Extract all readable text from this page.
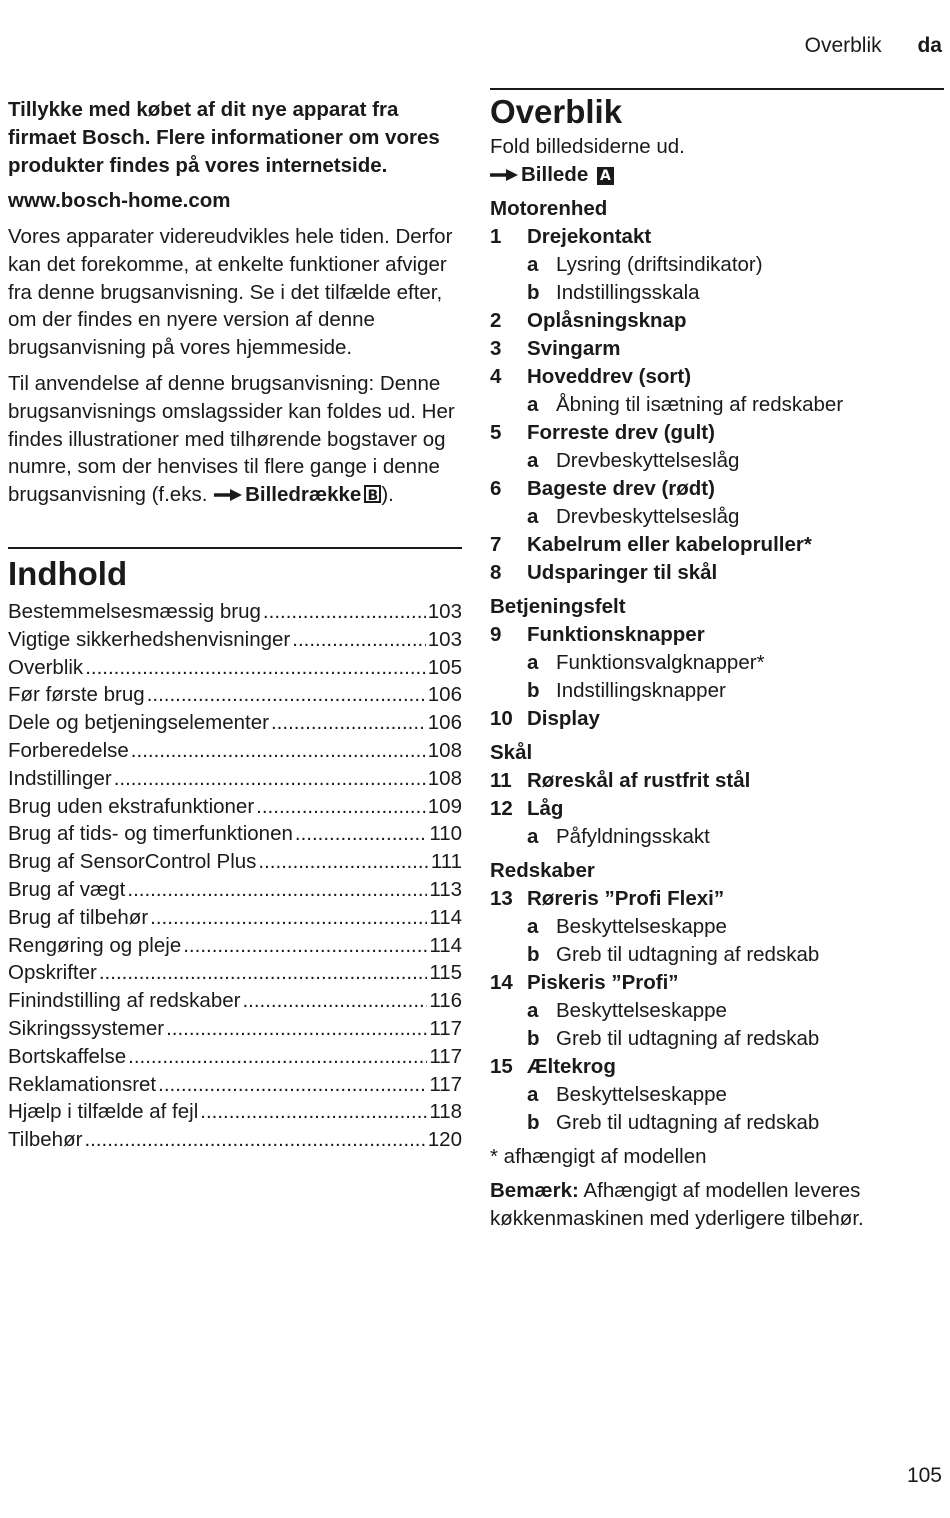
Overblik da

Tillykke med købet af dit nye apparat fra firmaet Bosch. Flere informationer om vores produkter findes på vores internetside.

www.bosch-home.com

Vores apparater videreudvikles hele tiden. Derfor kan det forekomme, at enkelte funktioner afviger fra denne brugsanvisning. Se i det tilfælde efter, om der findes en nyere version af denne brugsanvisning på vores hjemmeside.

Til anvendelse af denne brugsanvisning: Denne brugsanvisnings omslagssider kan foldes ud. Her findes illustrationer med tilhørende bogstaver og numre, som der henvises til flere gange i denne brugsanvisning (f.eks. Billedrække B ).

Indhold
Bestemmelsesmæssig brug .....	103
Vigtige sikkerhedshenvisninger .....	103
Overblik .....	105
Før første brug .....	106
Dele og betjeningselementer .....	106
Forberedelse .....	108
Indstillinger .....	108
Brug uden ekstrafunktioner .....	109
Brug af tids- og timerfunktionen .....	110
Brug af SensorControl Plus .....	111
Brug af vægt .....	113
Brug af tilbehør .....	114
Rengøring og pleje .....	114
Opskrifter .....	115
Finindstilling af redskaber .....	116
Sikringssystemer .....	117
Bortskaffelse .....	117
Reklamationsret .....	117
Hjælp i tilfælde af fejl .....	118
Tilbehør .....	120
Overblik

Fold billedsiderne ud.

Billede A
Motorenhed
1	Drejekontakt
a Lysring (driftsindikator)
b Indstillingsskala
2	Oplåsningsknap
3	Svingarm
4	Hoveddrev (sort)
a Åbning til isætning af redskaber
5	Forreste drev (gult)
a Drevbeskyttelseslåg
6	Bageste drev (rødt)
a Drevbeskyttelseslåg
7	Kabelrum eller kabelopruller*
8	Udsparinger til skål
Betjeningsfelt
9	Funktionsknapper
a Funktionsvalgknapper*
b Indstillingsknapper
10 Display
Skål
11 Røreskål af rustfrit stål
12 Låg
a Påfyldningsskakt
Redskaber
13 Røreris ”Profi Flexi”
a Beskyttelseskappe
b Greb til udtagning af redskab
14 Piskeris ”Profi”
a Beskyttelseskappe
b Greb til udtagning af redskab
15 Æltekrog
a Beskyttelseskappe
b Greb til udtagning af redskab
* afhængigt af modellen
Bemærk: Afhængigt af modellen leveres køkkenmaskinen med yderligere tilbehør.
105
